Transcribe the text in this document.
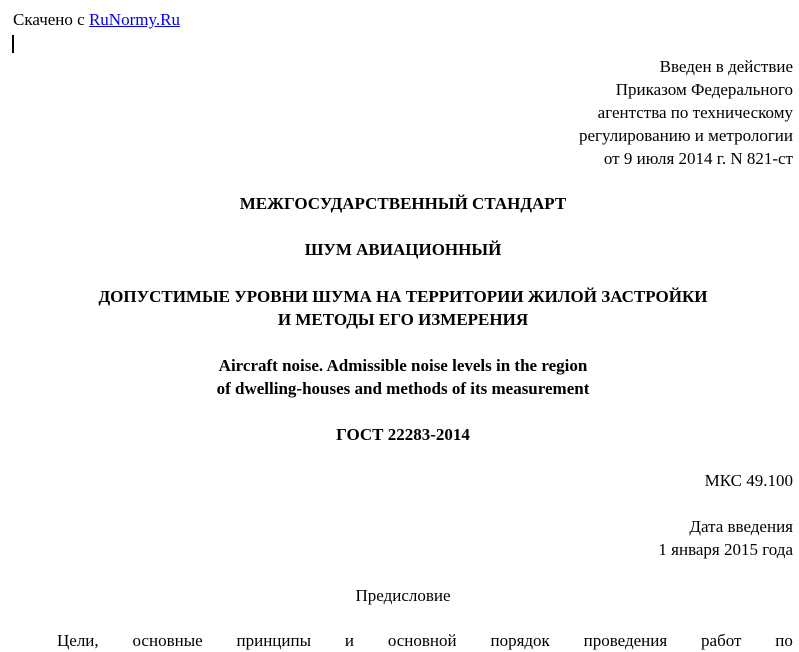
Скачено с RuNormy.Ru
Введен в действие
Приказом Федерального
агентства по техническому
регулированию и метрологии
от 9 июля 2014 г. N 821-ст
МЕЖГОСУДАРСТВЕННЫЙ СТАНДАРТ
ШУМ АВИАЦИОННЫЙ
ДОПУСТИМЫЕ УРОВНИ ШУМА НА ТЕРРИТОРИИ ЖИЛОЙ ЗАСТРОЙКИ
И МЕТОДЫ ЕГО ИЗМЕРЕНИЯ
Aircraft noise. Admissible noise levels in the region
of dwelling-houses and methods of its measurement
ГОСТ 22283-2014
МКС 49.100
Дата введения
1 января 2015 года
Предисловие
Цели, основные принципы и основной порядок проведения работ по
